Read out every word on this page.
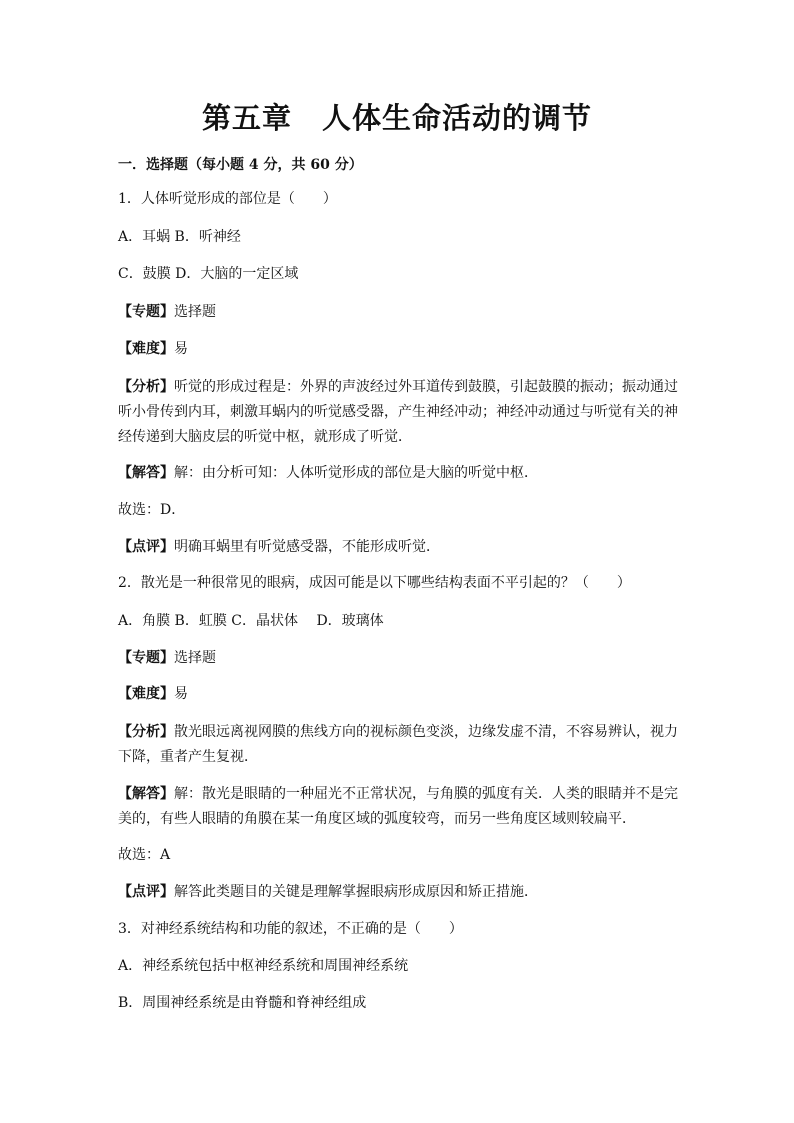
第五章　人体生命活动的调节
一．选择题（每小题 4 分，共 60 分）
1．人体听觉形成的部位是（　　）
A．耳蜗 B．听神经
C．鼓膜 D．大脑的一定区域
【专题】选择题
【难度】易
【分析】听觉的形成过程是：外界的声波经过外耳道传到鼓膜，引起鼓膜的振动；振动通过听小骨传到内耳，刺激耳蜗内的听觉感受器，产生神经冲动；神经冲动通过与听觉有关的神经传递到大脑皮层的听觉中枢，就形成了听觉．
【解答】解：由分析可知：人体听觉形成的部位是大脑的听觉中枢．
故选：D．
【点评】明确耳蜗里有听觉感受器，不能形成听觉．
2．散光是一种很常见的眼病，成因可能是以下哪些结构表面不平引起的？（　　）
A．角膜 B．虹膜 C．晶状体　 D．玻璃体
【专题】选择题
【难度】易
【分析】散光眼远离视网膜的焦线方向的视标颜色变淡，边缘发虚不清，不容易辨认，视力下降，重者产生复视．
【解答】解：散光是眼睛的一种屈光不正常状况，与角膜的弧度有关．人类的眼睛并不是完美的，有些人眼睛的角膜在某一角度区域的弧度较弯，而另一些角度区域则较扁平．
故选：A
【点评】解答此类题目的关键是理解掌握眼病形成原因和矫正措施．
3．对神经系统结构和功能的叙述，不正确的是（　　）
A．神经系统包括中枢神经系统和周围神经系统
B．周围神经系统是由脊髓和脊神经组成
